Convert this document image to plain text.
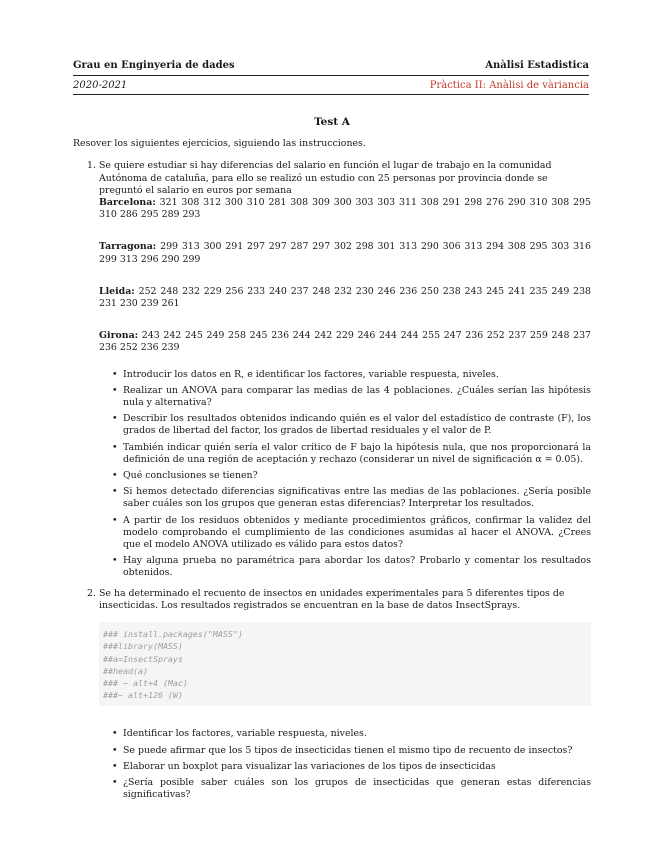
Grau en Enginyeria de dades	Anàlisi Estadistica
2020-2021	Pràctica II: Anàlisi de vàriancia
Test A

Resover los siguientes ejercicios, siguiendo las instrucciones.

1. Se quiere estudiar si hay diferencias del salario en función el lugar de trabajo en la comunidad Autónoma de cataluña, para ello se realizó un estudio con 25 personas por provincia donde se preguntó el salario en euros por semana

Barcelona: 321 308 312 300 310 281 308 309 300 303 303 311 308 291 298 276 290 310 308 295 310 286 295 289 293

Tarragona: 299 313 300 291 297 297 287 297 302 298 301 313 290 306 313 294 308 295 303 316 299 313 296 290 299

Lleida: 252 248 232 229 256 233 240 237 248 232 230 246 236 250 238 243 245 241 235 249 238 231 230 239 261

Girona: 243 242 245 249 258 245 236 244 242 229 246 244 244 255 247 236 252 237 259 248 237 236 252 236 239

• Introducir los datos en R, e identificar los factores, variable respuesta, niveles.
• Realizar un ANOVA para comparar las medias de las 4 poblaciones. ¿Cuáles serían las hipótesis nula y alternativa?
• Describir los resultados obtenidos indicando quién es el valor del estadístico de contraste (F), los grados de libertad del factor, los grados de libertad residuales y el valor de P.
• También indicar quién sería el valor crítico de F bajo la hipótesis nula, que nos proporcionará la definición de una región de aceptación y rechazo (considerar un nivel de significación α = 0.05).
• Qué conclusiones se tienen?
• Si hemos detectado diferencias significativas entre las medias de las poblaciones. ¿Sería posible saber cuáles son los grupos que generan estas diferencias? Interpretar los resultados.
• A partir de los residuos obtenidos y mediante procedimientos gráficos, confirmar la validez del modelo comprobando el cumplimiento de las condiciones asumidas al hacer el ANOVA. ¿Crees que el modelo ANOVA utilizado es válido para estos datos?
• Hay alguna prueba no paramétrica para abordar los datos? Probarlo y comentar los resultados obtenidos.
2. Se ha determinado el recuento de insectos en unidades experimentales para 5 diferentes tipos de insecticidas. Los resultados registrados se encuentran en la base de datos InsectSprays.

### install.packages("MASS")
###library(MASS)
##a=InsectSprays
##head(a)
### ~ alt+4 (Mac)
###~ alt+126 (W)
• Identificar los factores, variable respuesta, niveles.
• Se puede afirmar que los 5 tipos de insecticidas tienen el mismo tipo de recuento de insectos?
• Elaborar un boxplot para visualizar las variaciones de los tipos de insecticidas
• ¿Sería posible saber cuáles son los grupos de insecticidas que generan estas diferencias significativas?
